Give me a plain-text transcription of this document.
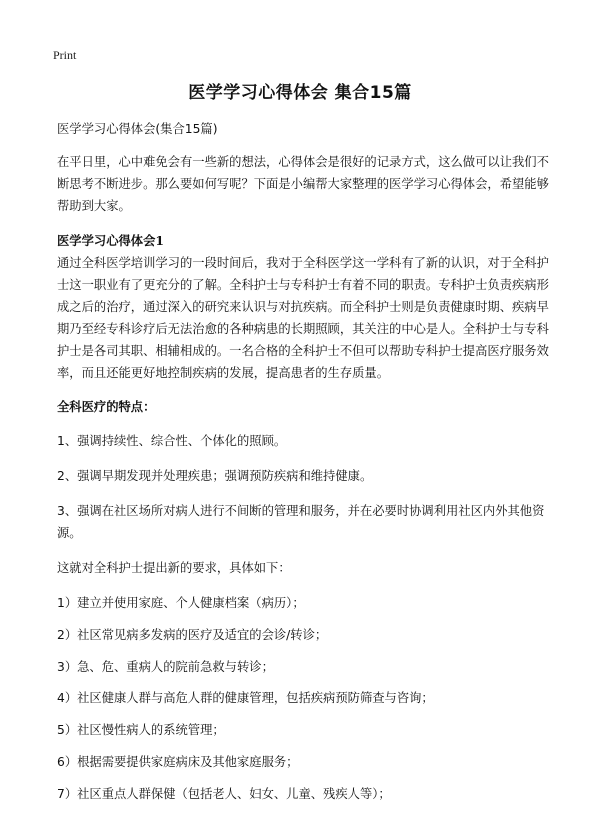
Print
医学学习心得体会 集合15篇

医学学习心得体会(集合15篇)

在平日里，心中难免会有一些新的想法，心得体会是很好的记录方式，这么做可以让我们不断思考不断进步。那么要如何写呢？下面是小编帮大家整理的医学学习心得体会，希望能够帮助到大家。

医学学习心得体会1

通过全科医学培训学习的一段时间后，我对于全科医学这一学科有了新的认识，对于全科护士这一职业有了更充分的了解。全科护士与专科护士有着不同的职责。专科护士负责疾病形成之后的治疗，通过深入的研究来认识与对抗疾病。而全科护士则是负责健康时期、疾病早期乃至经专科诊疗后无法治愈的各种病患的长期照顾，其关注的中心是人。全科护士与专科护士是各司其职、相辅相成的。一名合格的全科护士不但可以帮助专科护士提高医疗服务效率，而且还能更好地控制疾病的发展，提高患者的生存质量。

全科医疗的特点：

1、强调持续性、综合性、个体化的照顾。

2、强调早期发现并处理疾患；强调预防疾病和维持健康。

3、强调在社区场所对病人进行不间断的管理和服务，并在必要时协调利用社区内外其他资源。

这就对全科护士提出新的要求，具体如下：

1）建立并使用家庭、个人健康档案（病历）；

2）社区常见病多发病的医疗及适宜的会诊/转诊；

3）急、危、重病人的院前急救与转诊；

4）社区健康人群与高危人群的健康管理，包括疾病预防筛查与咨询；

5）社区慢性病人的系统管理；

6）根据需要提供家庭病床及其他家庭服务；

7）社区重点人群保健（包括老人、妇女、儿童、残疾人等）；
